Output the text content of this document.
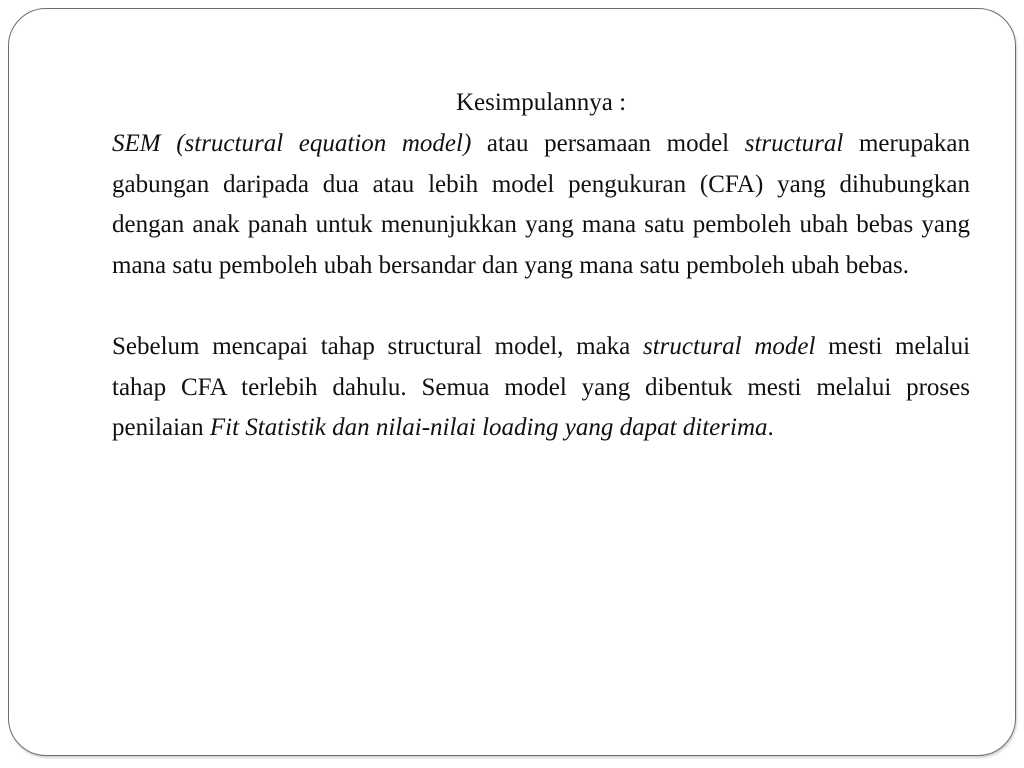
Kesimpulannya :

SEM (structural equation model) atau persamaan model structural merupakan gabungan daripada dua atau lebih model pengukuran (CFA) yang dihubungkan dengan anak panah untuk menunjukkan yang mana satu pemboleh ubah bebas yang mana satu pemboleh ubah bersandar dan yang mana satu pemboleh ubah bebas.

Sebelum mencapai tahap structural model, maka structural model mesti melalui tahap CFA terlebih dahulu. Semua model yang dibentuk mesti melalui proses penilaian Fit Statistik dan nilai-nilai loading yang dapat diterima.
